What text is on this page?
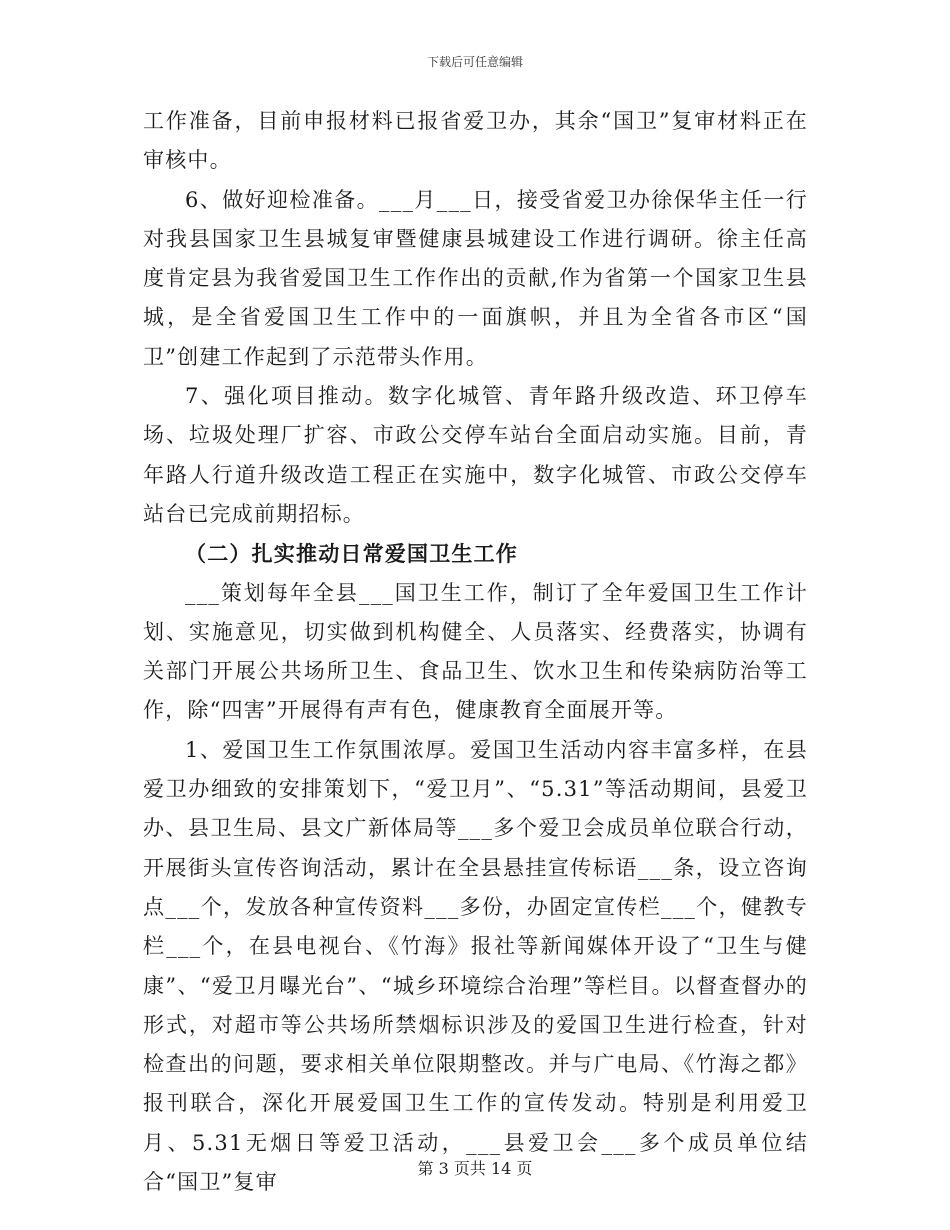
下载后可任意编辑

工作准备，目前申报材料已报省爱卫办，其余“国卫”复审材料正在审核中。

6、做好迎检准备。___月___日，接受省爱卫办徐保华主任一行对我县国家卫生县城复审暨健康县城建设工作进行调研。徐主任高度肯定县为我省爱国卫生工作作出的贡献,作为省第一个国家卫生县城，是全省爱国卫生工作中的一面旗帜，并且为全省各市区“国卫”创建工作起到了示范带头作用。

7、强化项目推动。数字化城管、青年路升级改造、环卫停车场、垃圾处理厂扩容、市政公交停车站台全面启动实施。目前，青年路人行道升级改造工程正在实施中，数字化城管、市政公交停车站台已完成前期招标。

（二）扎实推动日常爱国卫生工作

___策划每年全县___国卫生工作，制订了全年爱国卫生工作计划、实施意见，切实做到机构健全、人员落实、经费落实，协调有关部门开展公共场所卫生、食品卫生、饮水卫生和传染病防治等工作，除“四害”开展得有声有色，健康教育全面展开等。

1、爱国卫生工作氛围浓厚。爱国卫生活动内容丰富多样，在县爱卫办细致的安排策划下，“爱卫月”、“5.31”等活动期间，县爱卫办、县卫生局、县文广新体局等___多个爱卫会成员单位联合行动，开展街头宣传咨询活动，累计在全县悬挂宣传标语___条，设立咨询点___个，发放各种宣传资料___多份，办固定宣传栏___个，健教专栏___个，在县电视台、《竹海》报社等新闻媒体开设了“卫生与健康”、“爱卫月曝光台”、“城乡环境综合治理”等栏目。以督查督办的形式，对超市等公共场所禁烟标识涉及的爱国卫生进行检查，针对检查出的问题，要求相关单位限期整改。并与广电局、《竹海之都》报刊联合，深化开展爱国卫生工作的宣传发动。特别是利用爱卫月、5.31无烟日等爱卫活动，___县爱卫会___多个成员单位结合“国卫”复审

第 3 页共 14 页
